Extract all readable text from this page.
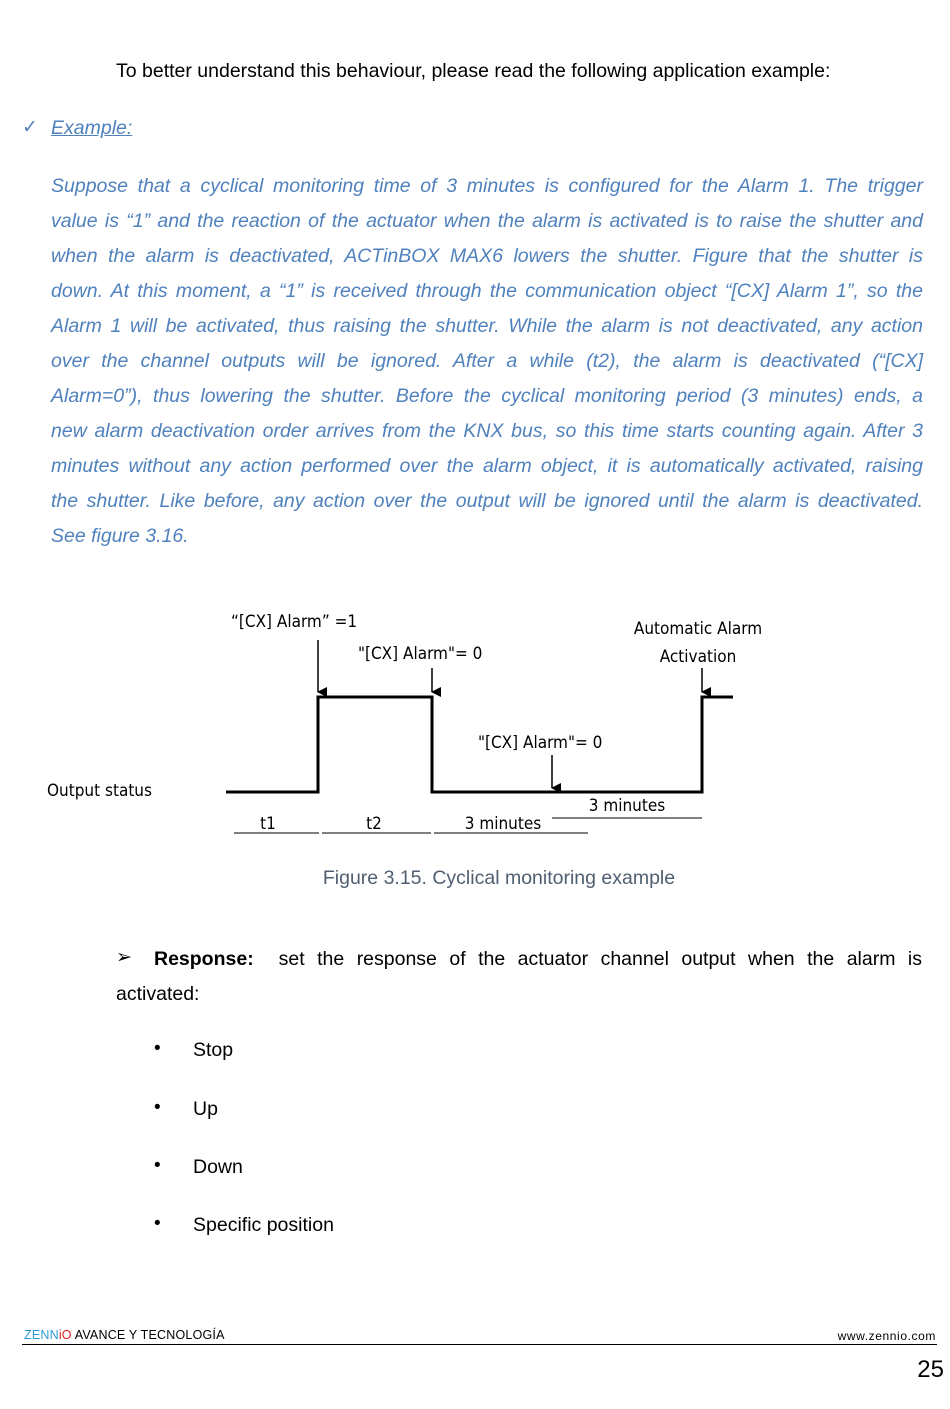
To better understand this behaviour, please read the following application example:
✓ Example:
Suppose that a cyclical monitoring time of 3 minutes is configured for the Alarm 1. The trigger
value is “1” and the reaction of the actuator when the alarm is activated is to raise the shutter and
when the alarm is deactivated, ACTinBOX MAX6 lowers the shutter. Figure that the shutter is
down. At this moment, a “1” is received through the communication object “[CX] Alarm 1”, so the
Alarm 1 will be activated, thus raising the shutter. While the alarm is not deactivated, any action
over the channel outputs will be ignored. After a while (t2), the alarm is deactivated (“[CX]
Alarm=0”), thus lowering the shutter. Before the cyclical monitoring period (3 minutes) ends, a
new alarm deactivation order arrives from the KNX bus, so this time starts counting again. After 3
minutes without any action performed over the alarm object, it is automatically activated, raising
the shutter. Like before, any action over the output will be ignored until the alarm is deactivated.
See figure 3.16.
“[CX] Alarm” =1
"[CX] Alarm"= 0
"[CX] Alarm"= 0
Automatic Alarm
Activation
Output status
t1	t2	3 minutes
3 minutes
Figure 3.15. Cyclical monitoring example
➢ Response: set the response of the actuator channel output when the alarm is
activated:
• Stop
• Up
• Down
• Specific position
ZENNiO AVANCE Y TECNOLOGÍA	www.zennio.com
25
